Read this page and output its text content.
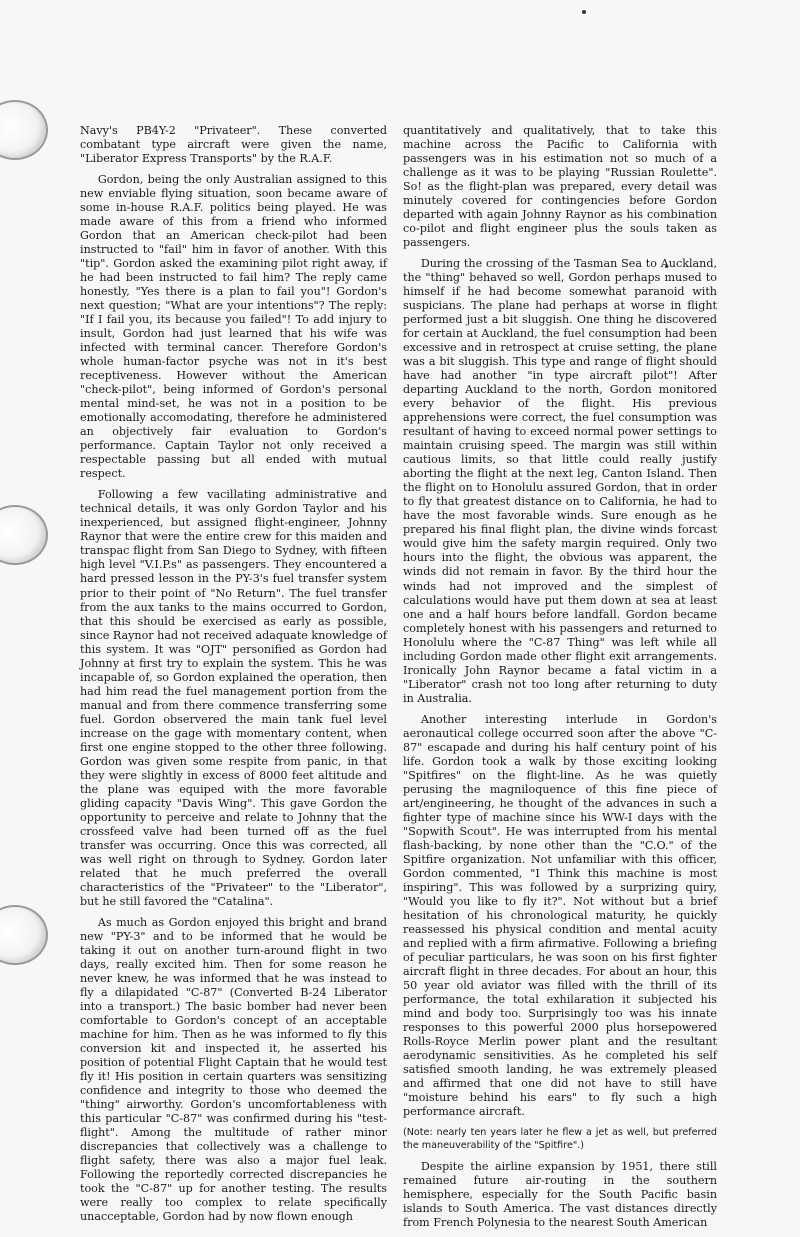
Navy's PB4Y-2 "Privateer". These converted combatant type aircraft were given the name, "Liberator Express Transports" by the R.A.F.

Gordon, being the only Australian assigned to this new enviable flying situation, soon became aware of some in-house R.A.F. politics being played. He was made aware of this from a friend who informed Gordon that an American check-pilot had been instructed to "fail" him in favor of another. With this "tip". Gordon asked the examining pilot right away, if he had been instructed to fail him? The reply came honestly, "Yes there is a plan to fail you"! Gordon's next question; "What are your intentions"? The reply: "If I fail you, its because you failed"! To add injury to insult, Gordon had just learned that his wife was infected with terminal cancer. Therefore Gordon's whole human-factor psyche was not in it's best receptiveness. However without the American "check-pilot", being informed of Gordon's personal mental mind-set, he was not in a position to be emotionally accomodating, therefore he administered an objectively fair evaluation to Gordon's performance. Captain Taylor not only received a respectable passing but all ended with mutual respect.

Following a few vacillating administrative and technical details, it was only Gordon Taylor and his inexperienced, but assigned flight-engineer, Johnny Raynor that were the entire crew for this maiden and transpac flight from San Diego to Sydney, with fifteen high level "V.I.P.s" as passengers. They encountered a hard pressed lesson in the PY-3's fuel transfer system prior to their point of "No Return". The fuel transfer from the aux tanks to the mains occurred to Gordon, that this should be exercised as early as possible, since Raynor had not received adaquate knowledge of this system. It was "OJT" personified as Gordon had Johnny at first try to explain the system. This he was incapable of, so Gordon explained the operation, then had him read the fuel management portion from the manual and from there commence transferring some fuel. Gordon observered the main tank fuel level increase on the gage with momentary content, when first one engine stopped to the other three following. Gordon was given some respite from panic, in that they were slightly in excess of 8000 feet altitude and the plane was equiped with the more favorable gliding capacity "Davis Wing". This gave Gordon the opportunity to perceive and relate to Johnny that the crossfeed valve had been turned off as the fuel transfer was occurring. Once this was corrected, all was well right on through to Sydney. Gordon later related that he much preferred the overall characteristics of the "Privateer" to the "Liberator", but he still favored the "Catalina".

As much as Gordon enjoyed this bright and brand new "PY-3" and to be informed that he would be taking it out on another turn-around flight in two days, really excited him. Then for some reason he never knew, he was informed that he was instead to fly a dilapidated "C-87" (Converted B-24 Liberator into a transport.) The basic bomber had never been comfortable to Gordon's concept of an acceptable machine for him. Then as he was informed to fly this conversion kit and inspected it, he asserted his position of potential Flight Captain that he would test fly it! His position in certain quarters was sensitizing confidence and integrity to those who deemed the "thing" airworthy. Gordon's uncomfortableness with this particular "C-87" was confirmed during his "test-flight". Among the multitude of rather minor discrepancies that collectively was a challenge to flight safety, there was also a major fuel leak. Following the reportedly corrected discrepancies he took the "C-87" up for another testing. The results were really too complex to relate specifically unacceptable, Gordon had by now flown enough

quantitatively and qualitatively, that to take this machine across the Pacific to California with passengers was in his estimation not so much of a challenge as it was to be playing "Russian Roulette". So! as the flight-plan was prepared, every detail was minutely covered for contingencies before Gordon departed with again Johnny Raynor as his combination co-pilot and flight engineer plus the souls taken as passengers.

During the crossing of the Tasman Sea to Auckland, the "thing" behaved so well, Gordon perhaps mused to himself if he had become somewhat paranoid with suspicians. The plane had perhaps at worse in flight performed just a bit sluggish. One thing he discovered for certain at Auckland, the fuel consumption had been excessive and in retrospect at cruise setting, the plane was a bit sluggish. This type and range of flight should have had another "in type aircraft pilot"! After departing Auckland to the north, Gordon monitored every behavior of the flight. His previous apprehensions were correct, the fuel consumption was resultant of having to exceed normal power settings to maintain cruising speed. The margin was still within cautious limits, so that little could really justify aborting the flight at the next leg, Canton Island. Then the flight on to Honolulu assured Gordon, that in order to fly that greatest distance on to California, he had to have the most favorable winds. Sure enough as he prepared his final flight plan, the divine winds forcast would give him the safety margin required. Only two hours into the flight, the obvious was apparent, the winds did not remain in favor. By the third hour the winds had not improved and the simplest of calculations would have put them down at sea at least one and a half hours before landfall. Gordon became completely honest with his passengers and returned to Honolulu where the "C-87 Thing" was left while all including Gordon made other flight exit arrangements. Ironically John Raynor became a fatal victim in a "Liberator" crash not too long after returning to duty in Australia.

Another interesting interlude in Gordon's aeronautical college occurred soon after the above "C-87" escapade and during his half century point of his life. Gordon took a walk by those exciting looking "Spitfires" on the flight-line. As he was quietly perusing the magniloquence of this fine piece of art/engineering, he thought of the advances in such a fighter type of machine since his WW-I days with the "Sopwith Scout". He was interrupted from his mental flash-backing, by none other than the "C.O." of the Spitfire organization. Not unfamiliar with this officer, Gordon commented, "I Think this machine is most inspiring". This was followed by a surprizing quiry, "Would you like to fly it?". Not without but a brief hesitation of his chronological maturity, he quickly reassessed his physical condition and mental acuity and replied with a firm afirmative. Following a briefing of peculiar particulars, he was soon on his first fighter aircraft flight in three decades. For about an hour, this 50 year old aviator was filled with the thrill of its performance, the total exhilaration it subjected his mind and body too. Surprisingly too was his innate responses to this powerful 2000 plus horsepowered Rolls-Royce Merlin power plant and the resultant aerodynamic sensitivities. As he completed his self satisfied smooth landing, he was extremely pleased and affirmed that one did not have to still have "moisture behind his ears" to fly such a high performance aircraft.

(Note: nearly ten years later he flew a jet as well, but preferred the maneuverability of the "Spitfire".)

Despite the airline expansion by 1951, there still remained future air-routing in the southern hemisphere, especially for the South Pacific basin islands to South America. The vast distances directly from French Polynesia to the nearest South American
